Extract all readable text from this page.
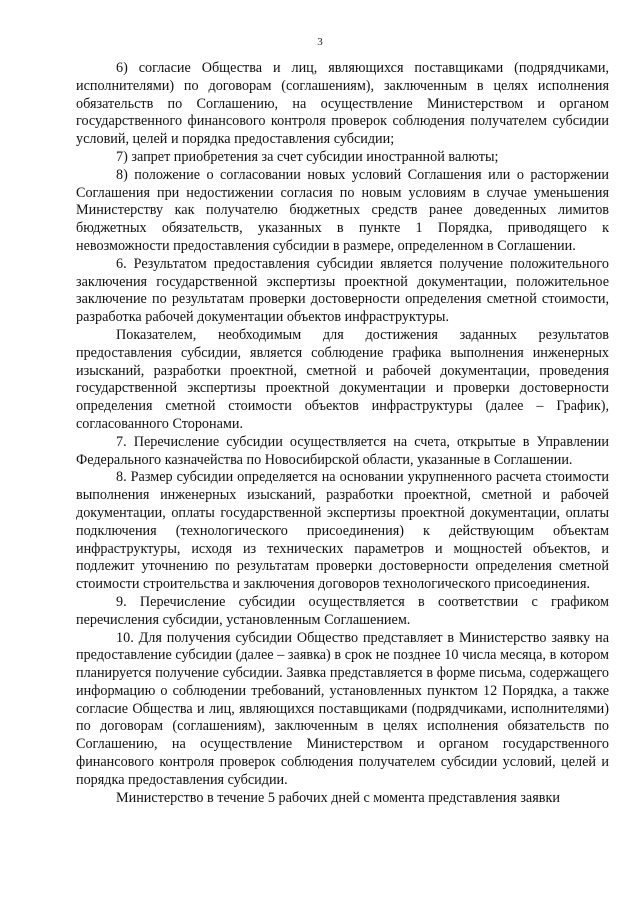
3

6) согласие Общества и лиц, являющихся поставщиками (подрядчиками, исполнителями) по договорам (соглашениям), заключенным в целях исполнения обязательств по Соглашению, на осуществление Министерством и органом государственного финансового контроля проверок соблюдения получателем субсидии условий, целей и порядка предоставления субсидии;

7) запрет приобретения за счет субсидии иностранной валюты;

8) положение о согласовании новых условий Соглашения или о расторжении Соглашения при недостижении согласия по новым условиям в случае уменьшения Министерству как получателю бюджетных средств ранее доведенных лимитов бюджетных обязательств, указанных в пункте 1 Порядка, приводящего к невозможности предоставления субсидии в размере, определенном в Соглашении.

6. Результатом предоставления субсидии является получение положительного заключения государственной экспертизы проектной документации, положительное заключение по результатам проверки достоверности определения сметной стоимости, разработка рабочей документации объектов инфраструктуры.

Показателем, необходимым для достижения заданных результатов предоставления субсидии, является соблюдение графика выполнения инженерных изысканий, разработки проектной, сметной и рабочей документации, проведения государственной экспертизы проектной документации и проверки достоверности определения сметной стоимости объектов инфраструктуры (далее – График), согласованного Сторонами.

7. Перечисление субсидии осуществляется на счета, открытые в Управлении Федерального казначейства по Новосибирской области, указанные в Соглашении.

8. Размер субсидии определяется на основании укрупненного расчета стоимости выполнения инженерных изысканий, разработки проектной, сметной и рабочей документации, оплаты государственной экспертизы проектной документации, оплаты подключения (технологического присоединения) к действующим объектам инфраструктуры, исходя из технических параметров и мощностей объектов, и подлежит уточнению по результатам проверки достоверности определения сметной стоимости строительства и заключения договоров технологического присоединения.

9. Перечисление субсидии осуществляется в соответствии с графиком перечисления субсидии, установленным Соглашением.

10. Для получения субсидии Общество представляет в Министерство заявку на предоставление субсидии (далее – заявка) в срок не позднее 10 числа месяца, в котором планируется получение субсидии. Заявка представляется в форме письма, содержащего информацию о соблюдении требований, установленных пунктом 12 Порядка, а также согласие Общества и лиц, являющихся поставщиками (подрядчиками, исполнителями) по договорам (соглашениям), заключенным в целях исполнения обязательств по Соглашению, на осуществление Министерством и органом государственного финансового контроля проверок соблюдения получателем субсидии условий, целей и порядка предоставления субсидии.

Министерство в течение 5 рабочих дней с момента представления заявки
